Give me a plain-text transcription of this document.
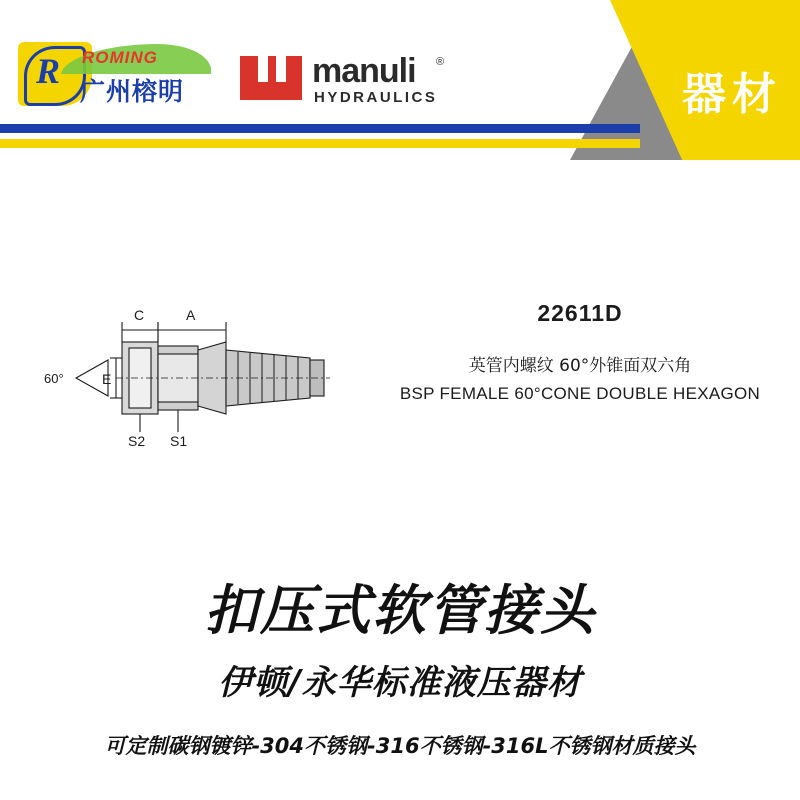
器材
R ROMING
广州榕明
manuli ®
HYDRAULICS
C	A
E
60°
S2 S1
22611D
英管内螺纹 60°外锥面双六角
BSP FEMALE 60°CONE DOUBLE HEXAGON
扣压式软管接头
伊顿/永华标准液压器材
可定制碳钢镀锌-304不锈钢-316不锈钢-316L不锈钢材质接头
